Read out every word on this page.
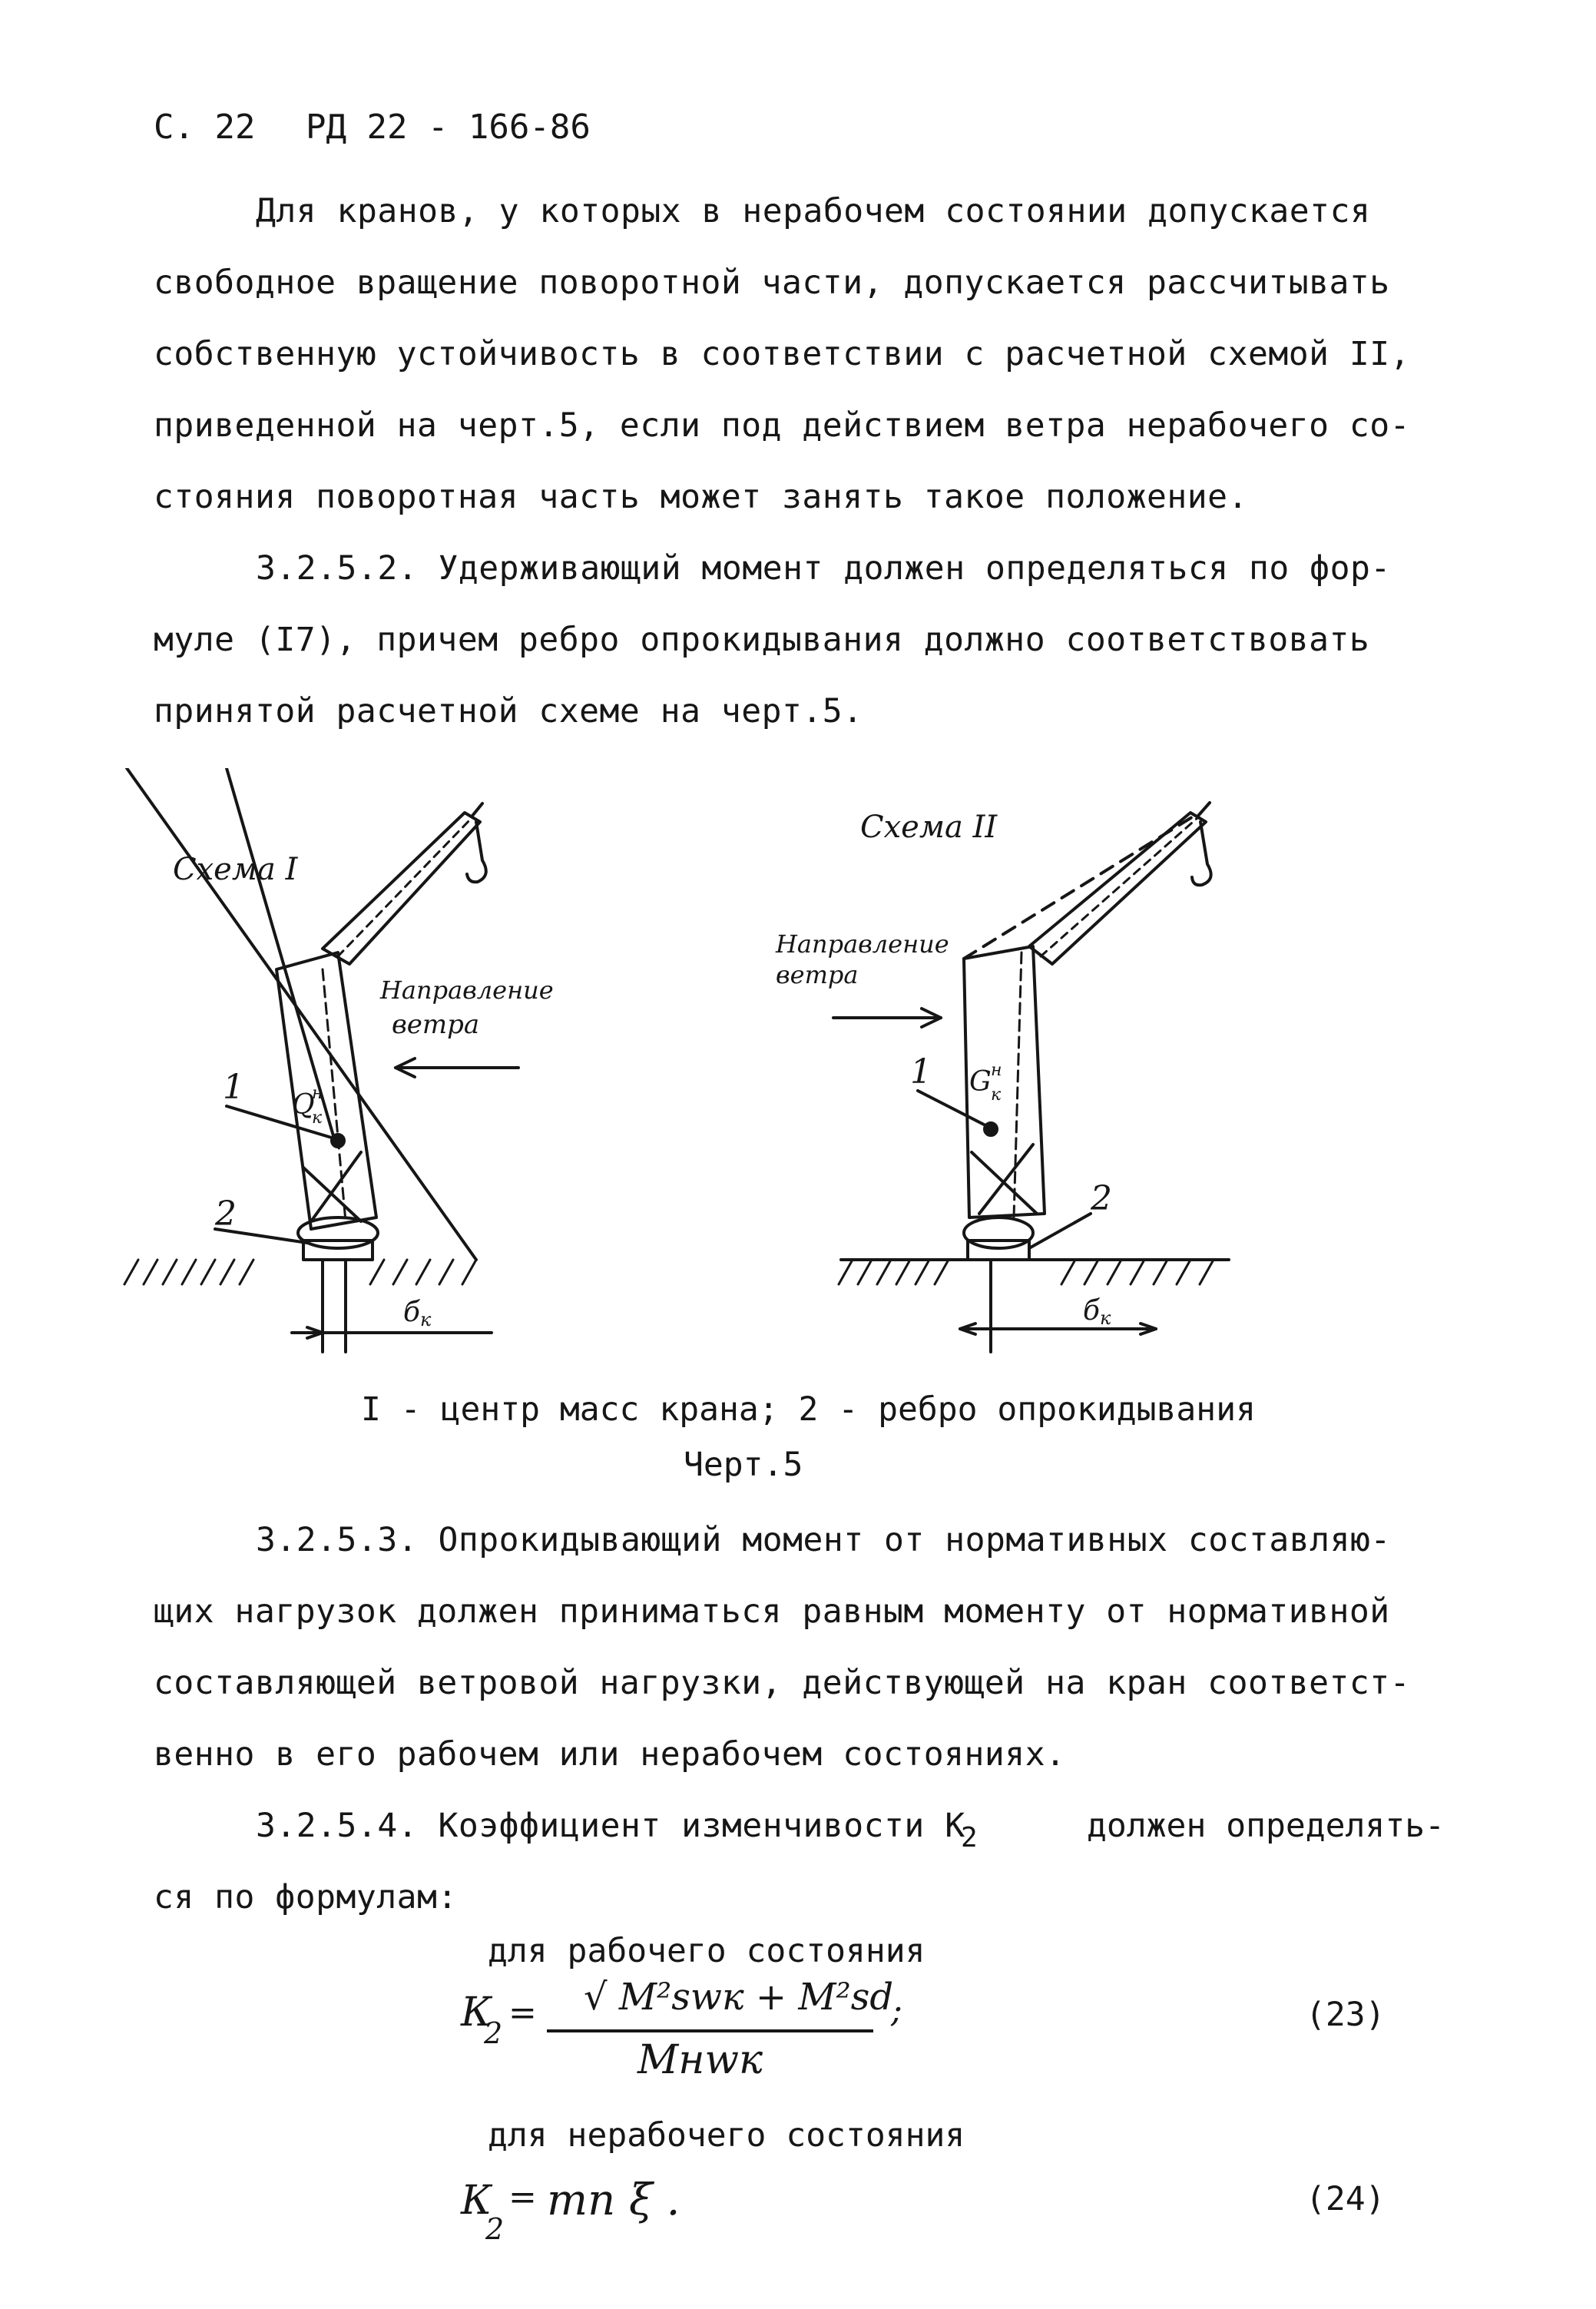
С. 22 РД 22 - 166-86
Для кранов, у которых в нерабочем состоянии допускается
свободное вращение поворотной части, допускается рассчитывать
собственную устойчивость в соответствии с расчетной схемой II,
приведенной на черт.5, если под действием ветра нерабочего со-
стояния поворотная часть может занять такое положение.
3.2.5.2. Удерживающий момент должен определяться по фор-
муле (I7), причем ребро опрокидывания должно соответствовать
принятой расчетной схеме на черт.5.
Схема I
Направление
ветра
1
2
Q
н
к
б к
Схема II
Направление
ветра
1
2
G н
к
б к
I - центр масс крана; 2 - ребро опрокидывания
Черт.5
3.2.5.3. Опрокидывающий момент от нормативных составляю-
щих нагрузок должен приниматься равным моменту от нормативной
составляющей ветровой нагрузки, действующей на кран соответст-
венно в его рабочем или нерабочем состояниях.
3.2.5.4. Коэффициент изменчивости К
2	должен определять-
ся по формулам:
для рабочего состояния
К
2
= √ M²swк + M²sd
;
Mнwк
(23)
для нерабочего состояния
К
2
= mп ξ .	(24)
